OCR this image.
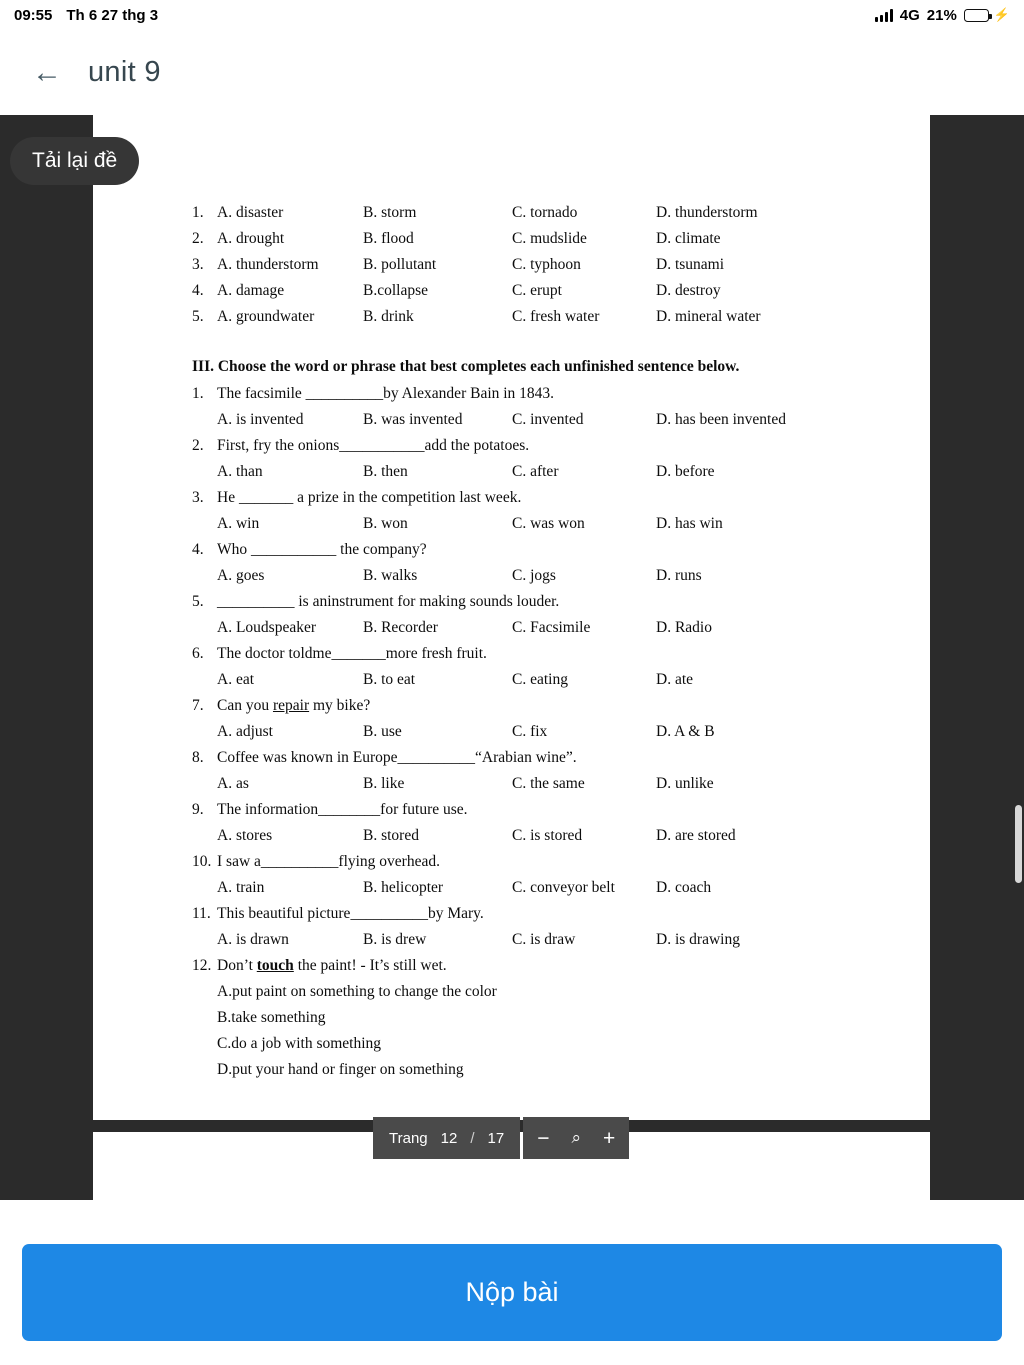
09:55 Th 6 27 thg 3	4G 21%	⚡
← unit 9
1. A. disaster	B. storm	C. tornado	D. thunderstorm
2. A. drought	B. flood	C. mudslide	D. climate
3. A. thunderstorm	B. pollutant	C. typhoon	D. tsunami
4. A. damage	B.collapse	C. erupt	D. destroy
5. A. groundwater	B. drink	C. fresh water	D. mineral water
III. Choose the word or phrase that best completes each unfinished sentence below.
1. The facsimile __________by Alexander Bain in 1843.
A. is invented	B. was invented	C. invented	D. has been invented
2. First, fry the onions___________add the potatoes.
A. than	B. then	C. after	D. before
3. He _______ a prize in the competition last week.
A. win	B. won	C. was won	D. has win
4. Who ___________ the company?
A. goes	B. walks	C. jogs	D. runs
5. __________ is aninstrument for making sounds louder.
A. Loudspeaker	B. Recorder	C. Facsimile	D. Radio
6. The doctor toldme_______more fresh fruit.
A. eat	B. to eat	C. eating	D. ate
7. Can you repair my bike?
A. adjust	B. use	C. fix	D. A & B
8. Coffee was known in Europe__________“Arabian wine”.
A. as	B. like	C. the same	D. unlike
9. The information________for future use.
A. stores	B. stored	C. is stored	D. are stored
10. I saw a__________flying overhead.
A. train	B. helicopter	C. conveyor belt	D. coach
11. This beautiful picture__________by Mary.
A. is drawn	B. is drew	C. is draw	D. is drawing
12. Don’t touch the paint! - It’s still wet.
A.put paint on something to change the color
B.take something
C.do a job with something
D.put your hand or finger on something
Tải lại đề
Trang 12 / 17 − ⌕ +
Nộp bài
